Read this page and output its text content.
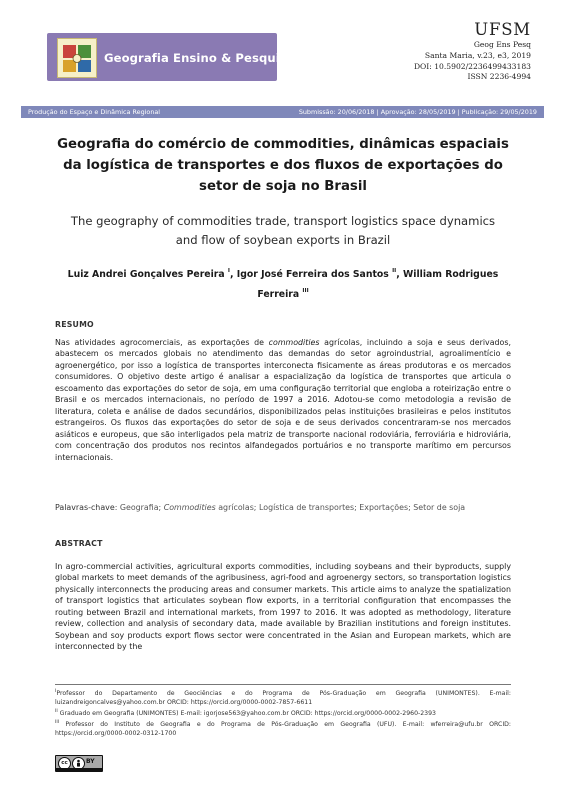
Geografia Ensino & Pesquisa
UFSM
Geog Ens Pesq
Santa Maria, v.23, e3, 2019
DOI: 10.5902/2236499433183
ISSN 2236-4994
Produção do Espaço e Dinâmica Regional	Submissão: 20/06/2018 | Aprovação: 28/05/2019 | Publicação: 29/05/2019
Geografia do comércio de commodities, dinâmicas espaciais da logística de transportes e dos fluxos de exportações do setor de soja no Brasil
The geography of commodities trade, transport logistics space dynamics and flow of soybean exports in Brazil
Luiz Andrei Gonçalves Pereira $^I$, Igor José Ferreira dos Santos $^{II}$, William Rodrigues Ferreira $^{III}$
RESUMO
Nas atividades agrocomerciais, as exportações de commodities agrícolas, incluindo a soja e seus derivados, abastecem os mercados globais no atendimento das demandas do setor agroindustrial, agroalimentício e agroenergético, por isso a logística de transportes interconecta fisicamente as áreas produtoras e os mercados consumidores. O objetivo deste artigo é analisar a espacialização da logística de transportes que articula o escoamento das exportações do setor de soja, em uma configuração territorial que engloba a roteirização entre o Brasil e os mercados internacionais, no período de 1997 a 2016. Adotou-se como metodologia a revisão de literatura, coleta e análise de dados secundários, disponibilizados pelas instituições brasileiras e pelos institutos estrangeiros. Os fluxos das exportações do setor de soja e de seus derivados concentraram-se nos mercados asiáticos e europeus, que são interligados pela matriz de transporte nacional rodoviária, ferroviária e hidroviária, com concentração dos produtos nos recintos alfandegados portuários e no transporte marítimo em percursos internacionais.
Palavras-chave: Geografia; Commodities agrícolas; Logística de transportes; Exportações; Setor de soja
ABSTRACT
In agro-commercial activities, agricultural exports commodities, including soybeans and their byproducts, supply global markets to meet demands of the agribusiness, agri-food and agroenergy sectors, so transportation logistics physically interconnects the producing areas and consumer markets. This article aims to analyze the spatialization of transport logistics that articulates soybean flow exports, in a territorial configuration that encompasses the routing between Brazil and international markets, from 1997 to 2016. It was adopted as methodology, literature review, collection and analysis of secondary data, made available by Brazilian institutions and foreign institutes. Soybean and soy products export flows sector were concentrated in the Asian and European markets, which are interconnected by the
$^I$Professor do Departamento de Geociências e do Programa de Pós-Graduação em Geografia (UNIMONTES). E-mail: luizandreigoncalves@yahoo.com.br ORCID: https://orcid.org/0000-0002-7857-6611
$^{II}$ Graduado em Geografia (UNIMONTES) E-mail: igorjose563@yahoo.com.br ORCID: https://orcid.org/0000-0002-2960-2393
$^{III}$ Professor do Instituto de Geografia e do Programa de Pós-Graduação em Geografia (UFU). E-mail: wferreira@ufu.br ORCID: https://orcid.org/0000-0002-0312-1700
cc	BY
